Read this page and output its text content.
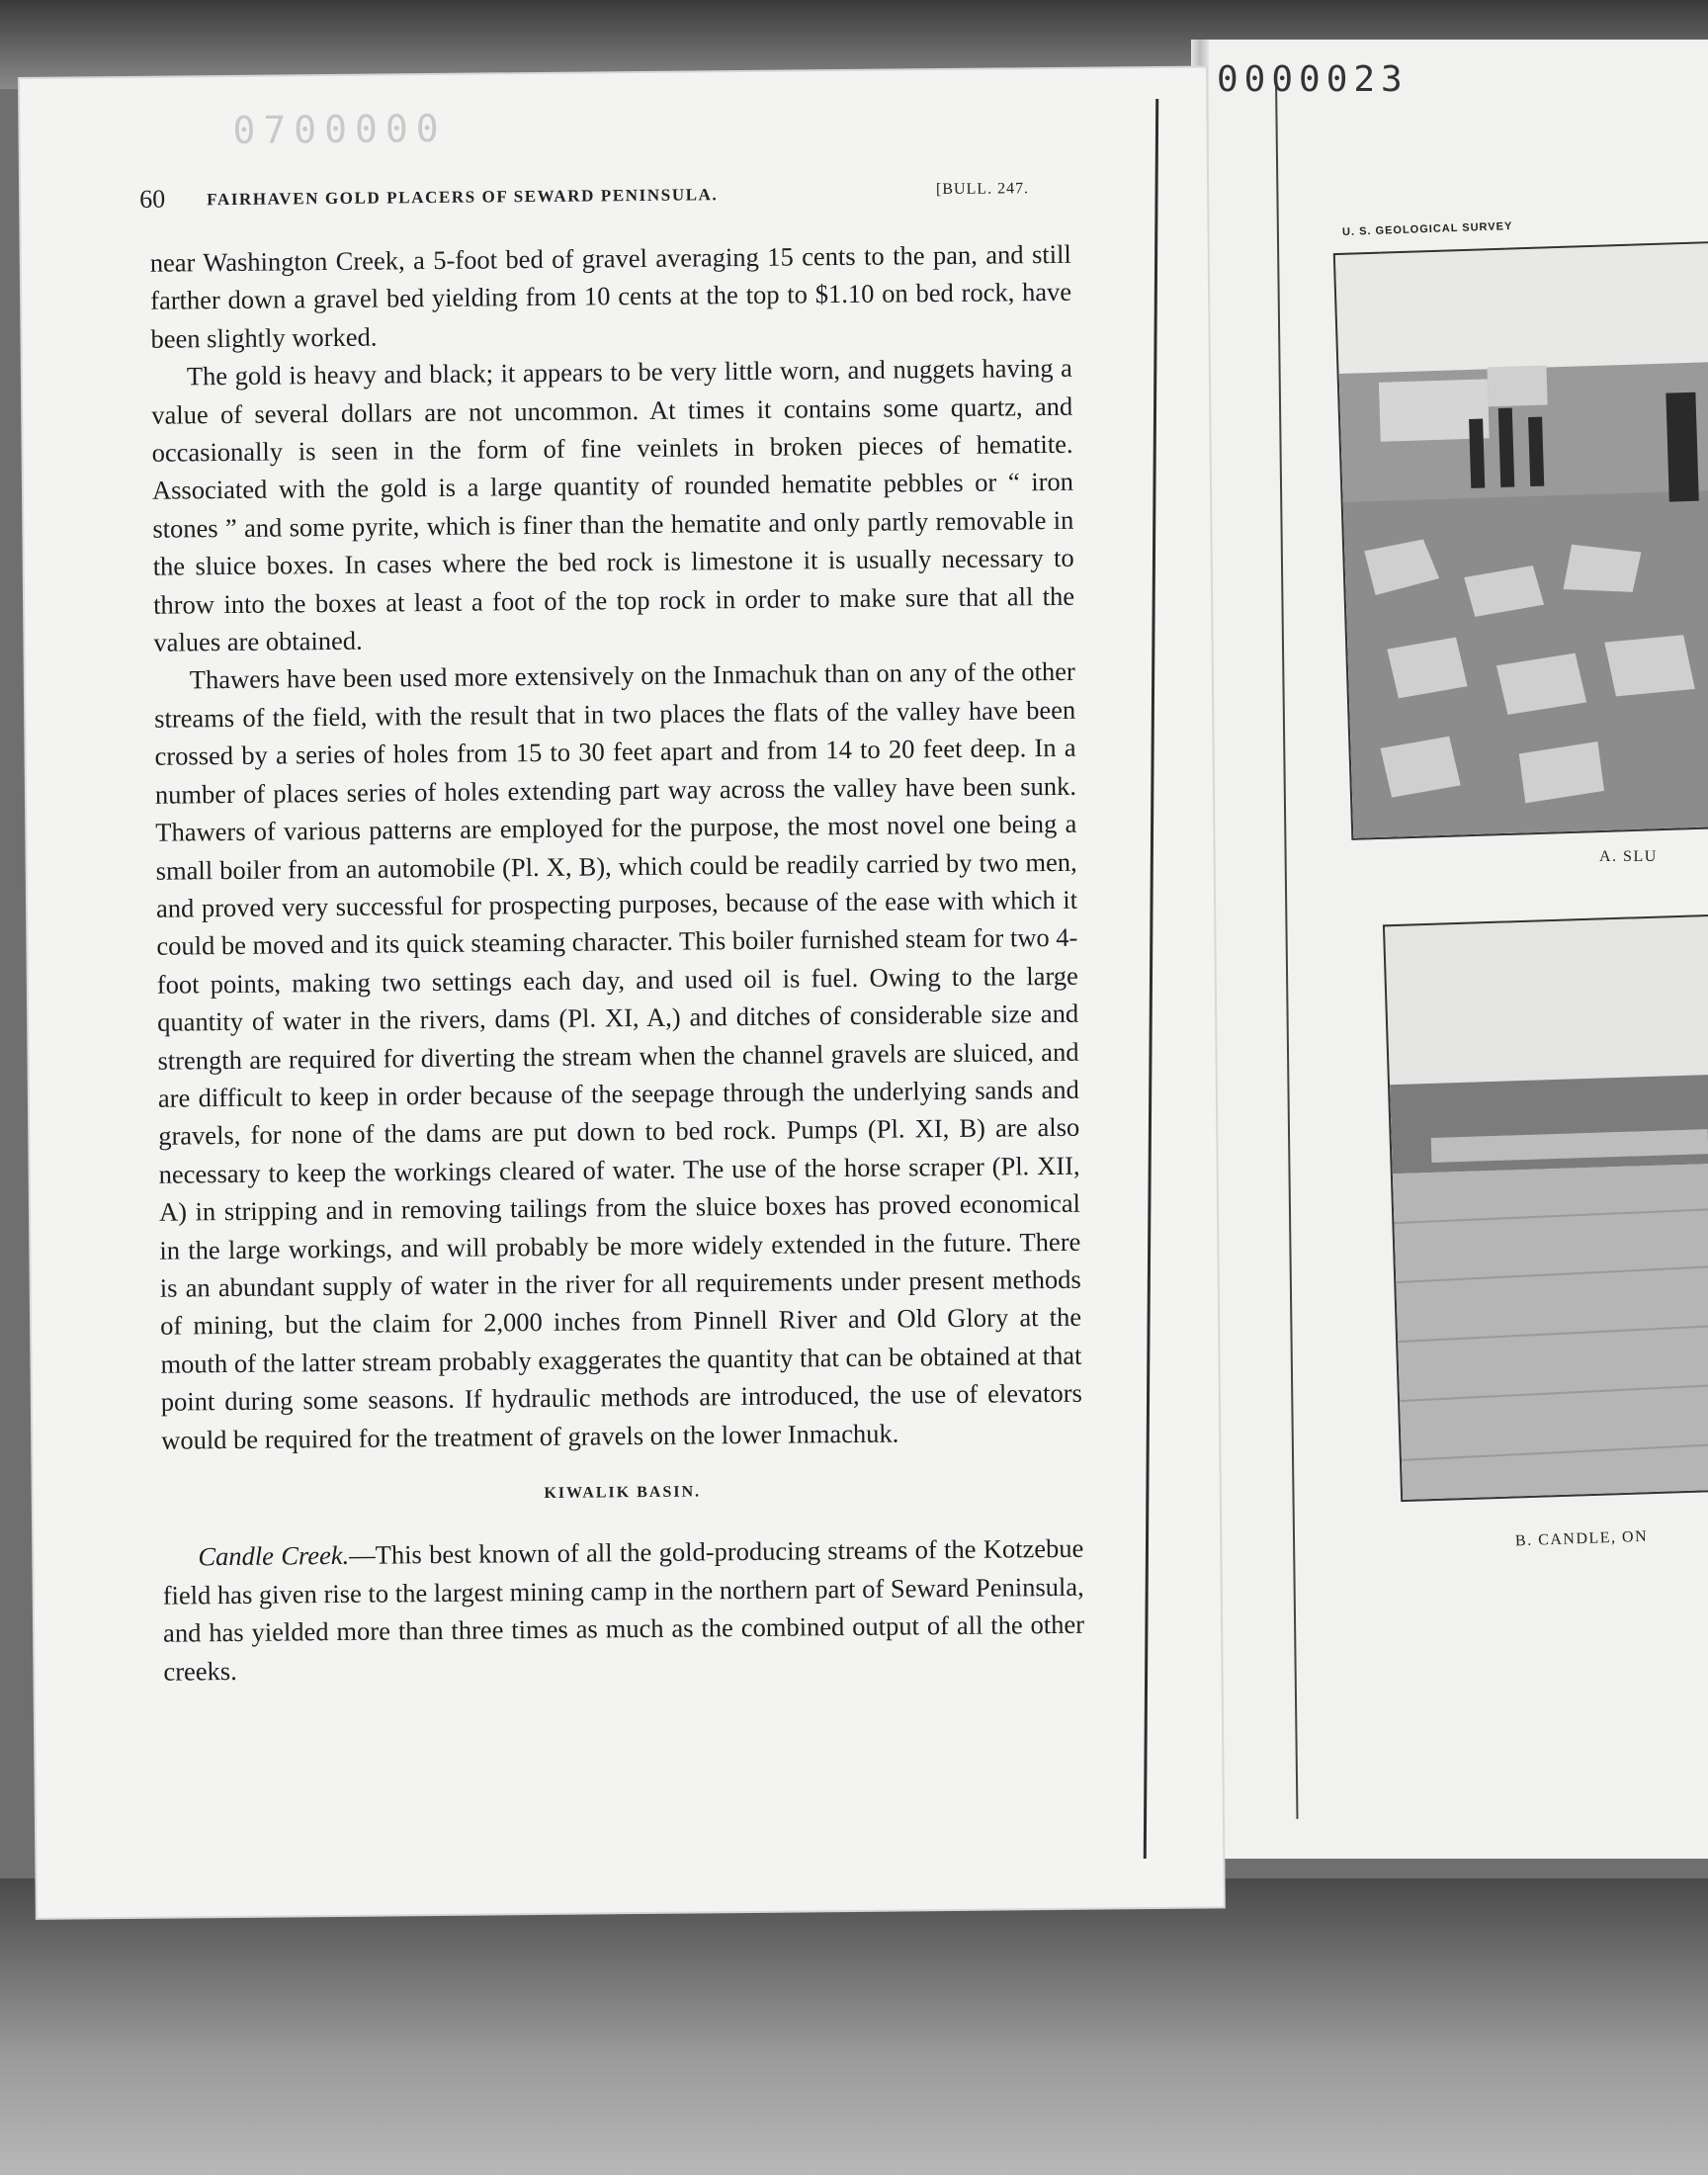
0000023
U. S. GEOLOGICAL SURVEY
A. SLU
B. CANDLE, ON
0700000
60 FAIRHAVEN GOLD PLACERS OF SEWARD PENINSULA.	[BULL. 247.

near Washington Creek, a 5-foot bed of gravel averaging 15 cents to the pan, and still farther down a gravel bed yielding from 10 cents at the top to $1.10 on bed rock, have been slightly worked.

The gold is heavy and black; it appears to be very little worn, and nuggets having a value of several dollars are not uncommon. At times it contains some quartz, and occasionally is seen in the form of fine veinlets in broken pieces of hematite. Associated with the gold is a large quantity of rounded hematite pebbles or “ iron stones ” and some pyrite, which is finer than the hematite and only partly removable in the sluice boxes. In cases where the bed rock is limestone it is usually necessary to throw into the boxes at least a foot of the top rock in order to make sure that all the values are obtained.

Thawers have been used more extensively on the Inmachuk than on any of the other streams of the field, with the result that in two places the flats of the valley have been crossed by a series of holes from 15 to 30 feet apart and from 14 to 20 feet deep. In a number of places series of holes extending part way across the valley have been sunk. Thawers of various patterns are employed for the purpose, the most novel one being a small boiler from an automobile (Pl. X, B), which could be readily carried by two men, and proved very successful for prospecting purposes, because of the ease with which it could be moved and its quick steaming character. This boiler furnished steam for two 4-foot points, making two settings each day, and used oil is fuel. Owing to the large quantity of water in the rivers, dams (Pl. XI, A,) and ditches of considerable size and strength are required for diverting the stream when the channel gravels are sluiced, and are difficult to keep in order because of the seepage through the underlying sands and gravels, for none of the dams are put down to bed rock. Pumps (Pl. XI, B) are also necessary to keep the workings cleared of water. The use of the horse scraper (Pl. XII, A) in stripping and in removing tailings from the sluice boxes has proved economical in the large workings, and will probably be more widely extended in the future. There is an abundant supply of water in the river for all requirements under present methods of mining, but the claim for 2,000 inches from Pinnell River and Old Glory at the mouth of the latter stream probably exaggerates the quantity that can be obtained at that point during some seasons. If hydraulic methods are introduced, the use of elevators would be required for the treatment of gravels on the lower Inmachuk.

KIWALIK BASIN.

Candle Creek.—This best known of all the gold-producing streams of the Kotzebue field has given rise to the largest mining camp in the northern part of Seward Peninsula, and has yielded more than three times as much as the combined output of all the other creeks.
